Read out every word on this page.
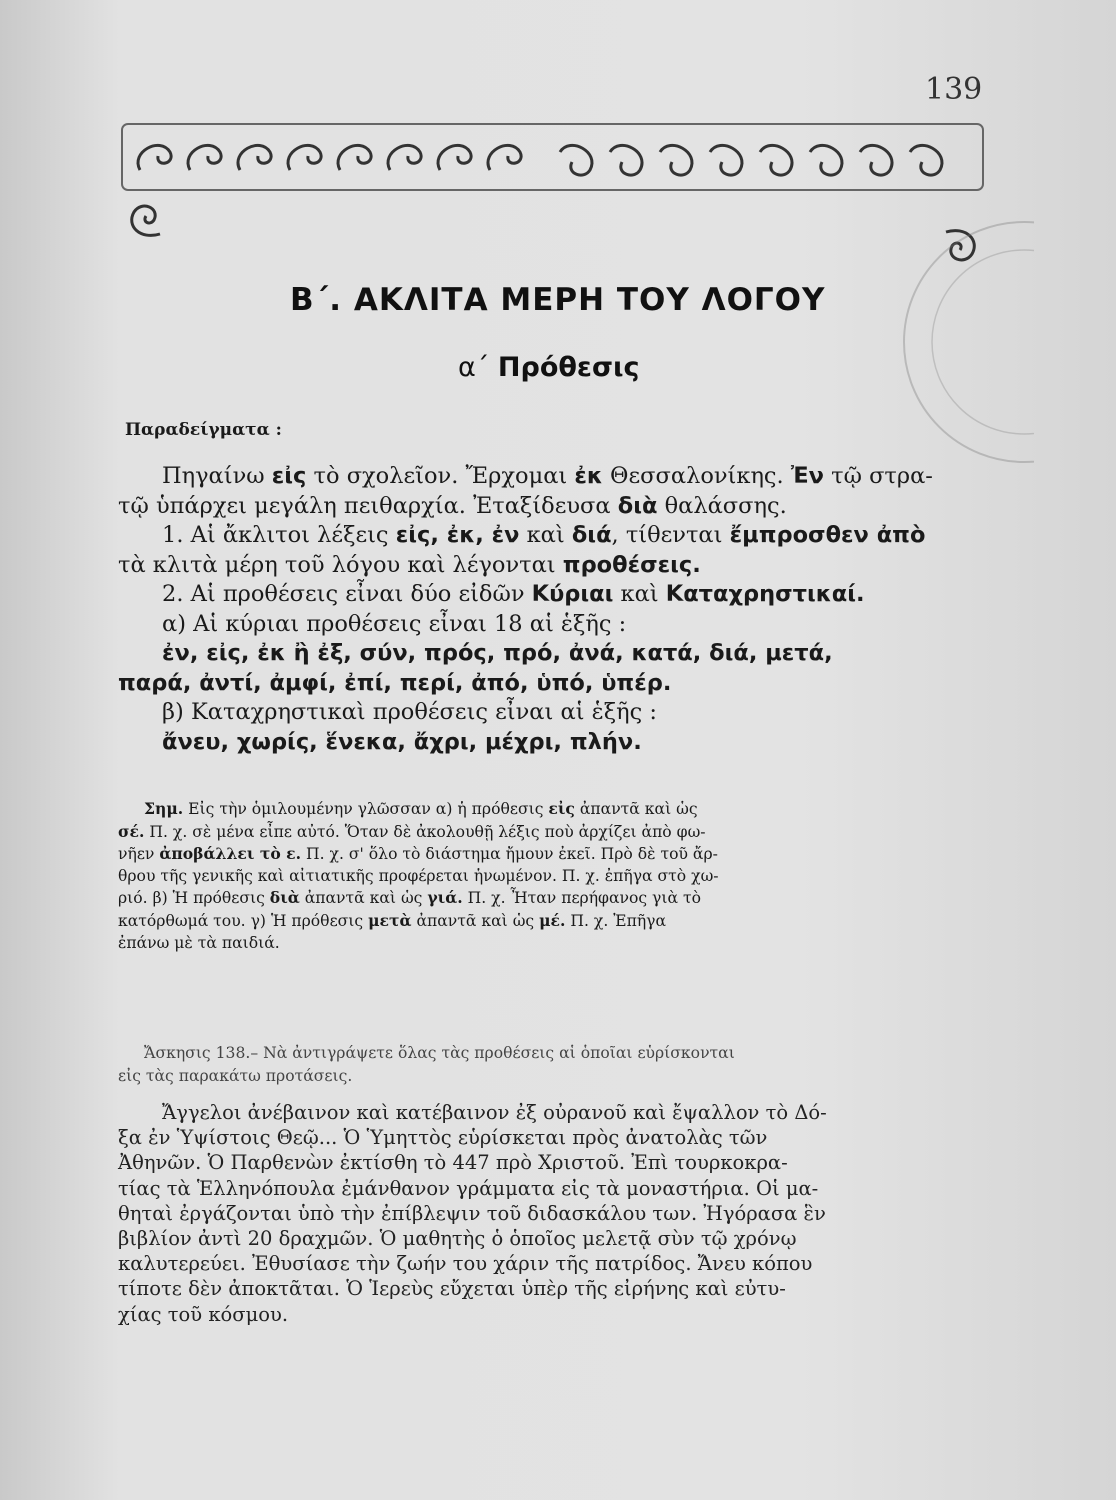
139
Β΄. ΑΚΛΙΤΑ ΜΕΡΗ ΤΟΥ ΛΟΓΟΥ
α΄ Πρόθεσις
Παραδείγματα :
Πηγαίνω εἰς τὸ σχολεῖον. Ἔρχομαι ἐκ Θεσσαλονίκης. Ἐν τῷ στρα-
τῷ ὑπάρχει μεγάλη πειθαρχία. Ἐταξίδευσα διὰ θαλάσσης.
1. Αἱ ἄκλιτοι λέξεις εἰς, ἐκ, ἐν καὶ διά, τίθενται ἔμπροσθεν ἀπὸ
τὰ κλιτὰ μέρη τοῦ λόγου καὶ λέγονται προθέσεις.
2. Αἱ προθέσεις εἶναι δύο εἰδῶν Κύριαι καὶ Καταχρηστικαί.
α) Αἱ κύριαι προθέσεις εἶναι 18 αἱ ἑξῆς :
ἐν, εἰς, ἐκ ἢ ἐξ, σύν, πρός, πρό, ἀνά, κατά, διά, μετά,
παρά, ἀντί, ἀμφί, ἐπί, περί, ἀπό, ὑπό, ὑπέρ.
β) Καταχρηστικαὶ προθέσεις εἶναι αἱ ἑξῆς :
ἄνευ, χωρίς, ἕνεκα, ἄχρι, μέχρι, πλήν.
Σημ. Εἰς τὴν ὁμιλουμένην γλῶσσαν α) ἡ πρόθεσις εἰς ἀπαντᾶ καὶ ὡς
σέ. Π. χ. σὲ μένα εἶπε αὐτό. Ὅταν δὲ ἀκολουθῇ λέξις ποὺ ἀρχίζει ἀπὸ φω-
νῆεν ἀποβάλλει τὸ ε. Π. χ. σ' ὅλο τὸ διάστημα ἤμουν ἐκεῖ. Πρὸ δὲ τοῦ ἄρ-
θρου τῆς γενικῆς καὶ αἰτιατικῆς προφέρεται ἡνωμένον. Π. χ. ἐπῆγα στὸ χω-
ριό. β) Ἡ πρόθεσις διὰ ἀπαντᾶ καὶ ὡς γιά. Π. χ. Ἦταν περήφανος γιὰ τὸ
κατόρθωμά του. γ) Ἡ πρόθεσις μετὰ ἀπαντᾶ καὶ ὡς μέ. Π. χ. Ἐπῆγα
ἐπάνω μὲ τὰ παιδιά.
Ἄσκησις 138.– Νὰ ἀντιγράψετε ὅλας τὰς προθέσεις αἱ ὁποῖαι εὑρίσκονται
εἰς τὰς παρακάτω προτάσεις.
Ἄγγελοι ἀνέβαινον καὶ κατέβαινον ἐξ οὐρανοῦ καὶ ἔψαλλον τὸ Δό-
ξα ἐν Ὑψίστοις Θεῷ... Ὁ Ὑμηττὸς εὑρίσκεται πρὸς ἀνατολὰς τῶν
Ἀθηνῶν. Ὁ Παρθενὼν ἐκτίσθη τὸ 447 πρὸ Χριστοῦ. Ἐπὶ τουρκοκρα-
τίας τὰ Ἑλληνόπουλα ἐμάνθανον γράμματα εἰς τὰ μοναστήρια. Οἱ μα-
θηταὶ ἐργάζονται ὑπὸ τὴν ἐπίβλεψιν τοῦ διδασκάλου των. Ἠγόρασα ἓν
βιβλίον ἀντὶ 20 δραχμῶν. Ὁ μαθητὴς ὁ ὁποῖος μελετᾷ σὺν τῷ χρόνῳ
καλυτερεύει. Ἐθυσίασε τὴν ζωήν του χάριν τῆς πατρίδος. Ἄνευ κόπου
τίποτε δὲν ἀποκτᾶται. Ὁ Ἱερεὺς εὔχεται ὑπὲρ τῆς εἰρήνης καὶ εὐτυ-
χίας τοῦ κόσμου.
